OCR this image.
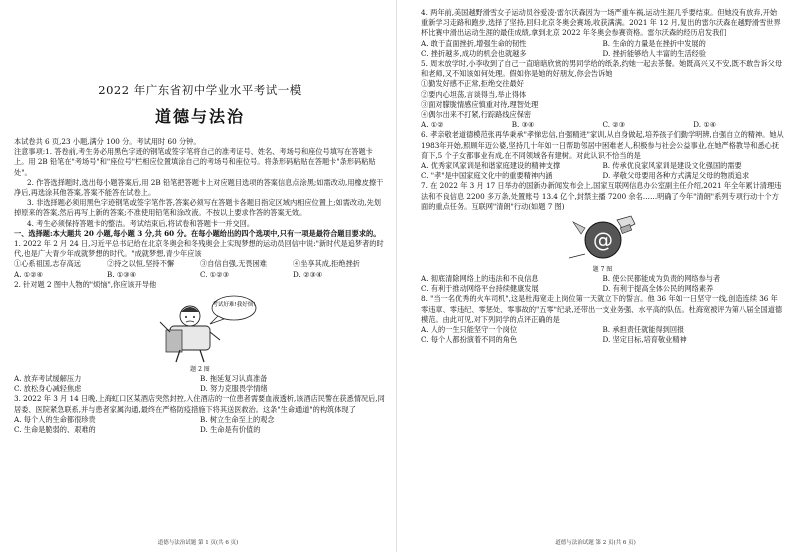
2022 年广东省初中学业水平考试一模

道德与法治

本试卷共 6 页,23 小题,满分 100 分。考试用时 60 分钟。

注意事项:1. 答卷前,考生务必用黑色字迹的钢笔或签字笔将自己的准考证号、姓名、考场号和座位号填写在答题卡上。用 2B 铅笔在"考场号"和"座位号"栏相应位置填涂自己的考场号和座位号。将条形码粘贴在答题卡"条形码粘贴处"。

2. 作答选择题时,选出每小题答案后,用 2B 铅笔把答题卡上对应题目选项的答案信息点涂黑;如需改动,用橡皮擦干净后,再选涂其他答案,答案不能答在试卷上。

3. 非选择题必须用黑色字迹钢笔或签字笔作答,答案必须写在答题卡各题目指定区域内相应位置上;如需改动,先划掉原来的答案,然后再写上新的答案;不准使用铅笔和涂改液。不按以上要求作答的答案无效。

4. 考生必须保持答题卡的整洁。考试结束后,将试卷和答题卡一并交回。

一、选择题:本大题共 20 小题,每小题 3 分,共 60 分。在每小题给出的四个选项中,只有一项是最符合题目要求的。

1. 2022 年 2 月 24 日,习近平总书记给在北京冬奥会和冬残奥会上实现梦想的运动员回信中说:"新时代是追梦者的时代,也是广大青少年成就梦想的时代。"成就梦想,青少年应该

①心系祖国,志存高远	②持之以恒,坚持不懈	③自信自强,无畏困难	④坐享其成,拒绝挫折
A. ①②④	B. ①③④	C. ①②③	D. ②③④

2. 针对题 2 图中人物的"烦恼",你应该开导他

考试好难!我好烦!

题 2 图

A. 放弃考试缓解压力	B. 拖延复习认真准备
C. 放松身心减轻焦虑	D. 努力克服畏学情绪

3. 2022 年 3 月 14 日晚,上海虹口区某酒店突然封控,入住酒店的一位患者需要血液透析,该酒店民警在获悉情况后,同居委、医院紧急联系,并与患者家属沟通,最终在严格防疫措施下将其送医救治。这条"生命通道"的构筑体现了

A. 每个人的生命都很珍贵	B. 树立生命至上的观念
C. 生命是脆弱的、艰难的	D. 生命是有价值的

道德与法治试题 第 1 页(共 6 页)

4. 两年前,美国越野滑雪女子运动员谷爱凌·雷尔沃森因为一场严重车祸,运动生涯几乎要结束。但她没有放弃,开始重新学习走路和跑步,选择了坚持,回归北京冬奥会赛场,收获满满。2021 年 12 月,复出的雷尔沃森在越野滑雪世界杯比赛中滑出运动生涯的最佳成绩,拿到北京 2022 年冬奥会参赛资格。雷尔沃森的经历启发我们

A. 敢于直面挫折,增强生命的韧性	B. 生命的力量是在挫折中发展的
C. 挫折越多,成功的机会也就越多	D. 挫折能够给人丰富的生活经验

5. 周末放学时,小李收到了自己一直暗暗欣赏的男同学给的纸条,约她一起去茶餐。她既高兴又不安,既不敢告诉父母和老师,又不知该如何处理。假如你是她的好朋友,你会告诉她

①勤发好感不正常,拒绝交往最好

②要内心坦荡,言谈得当,举止得体

③面对朦胧情感应慎重对待,理智处理

④偶尔出来不打紧,行踪路线应保密

A. ①②	B. ③④	C. ②③	D. ①④

6. 孝亲敬老道德模范张再华秉承"孝悌忠信,自强精进"家训,从自身做起,培养孩子们勤学明辨,自强自立的精神。她从1983年开始,照顾年迈公婆,坚持几十年如一日帮助邻居中困难老人,积极参与社会公益事业,在她严格教导和悉心抚育下,5 个子女都事业有成,在不同领域各有建树。对此认识不恰当的是

A. 优秀家风家训是和谐家庭建设的精神支撑	B. 传承优良家风家训是建设文化强国的需要
C. "孝"是中国家庭文化中的重要精神内涵	D. 孝敬父母要用各种方式满足父母的物质追求

7. 在 2022 年 3 月 17 日举办的国新办新闻发布会上,国家互联网信息办公室副主任介绍,2021 年全年累计清理违法和不良信息 2200 多万条,处置账号 13.4 亿个,封禁主播 7200 余名……明确了今年"清朗"系列专项行动十个方面的重点任务。互联网"清朗"行动(如题 7 图)

@

题 7 图

A. 彻底清除网络上的违法和不良信息	B. 使公民都能成为负责的网络参与者
C. 有利于推动网络平台持续健康发展	D. 有利于提高全体公民的网络素养

8. "当一名优秀的火车司机",这是杜海宽走上岗位第一天就立下的誓言。他 36 年如一日坚守一线,创造连续 36 年零违章、零违纪、零惩处、零事故的"五零"纪录,还带出一支业务强、水平高的队伍。杜海宽被评为第八届全国道德模范。由此可见,对下列同学的点评正确的是

A. 人的一生只能坚守一个岗位	B. 承担责任就能得到回报
C. 每个人都扮演着不同的角色	D. 坚定目标,培育敬业精神

道德与法治试题 第 2 页(共 6 页)
